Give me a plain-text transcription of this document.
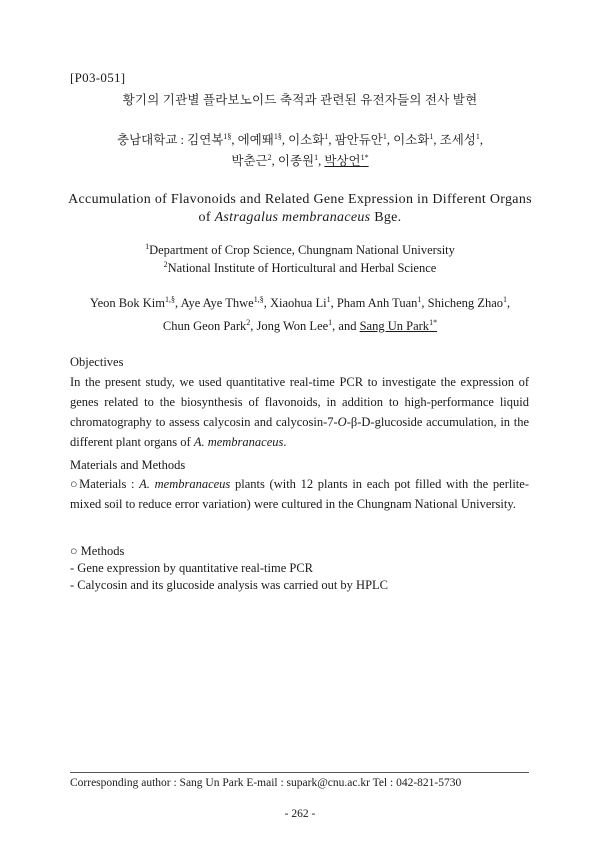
[P03-051]
황기의 기관별 플라보노이드 축적과 관련된 유전자들의 전사 발현
충남대학교 : 김연복$^{1\S}$, 에예뙈$^{1\S}$, 이소화$^1$, 팜안듀안$^1$, 이소화$^1$, 조세성$^1$,
박춘근$^2$, 이종원$^1$, 박상언$^{1*}$
Accumulation of Flavonoids and Related Gene Expression in Different Organs
of Astragalus membranaceus Bge.
$^1$Department of Crop Science, Chungnam National University
$^2$National Institute of Horticultural and Herbal Science
Yeon Bok Kim$^{1,\S}$, Aye Aye Thwe$^{1,\S}$, Xiaohua Li$^1$, Pham Anh Tuan$^1$, Shicheng Zhao$^1$,
Chun Geon Park$^2$, Jong Won Lee$^1$, and Sang Un Park$^{1*}$
Objectives
In the present study, we used quantitative real-time PCR to investigate the expression of genes related to the biosynthesis of flavonoids, in addition to high-performance liquid chromatography to assess calycosin and calycosin-7-O-β-D-glucoside accumulation, in the different plant organs of A. membranaceus.
Materials and Methods
○Materials : A. membranaceus plants (with 12 plants in each pot filled with the perlite-mixed soil to reduce error variation) were cultured in the Chungnam National University.
○ Methods
- Gene expression by quantitative real-time PCR
- Calycosin and its glucoside analysis was carried out by HPLC
Corresponding author : Sang Un Park E-mail : supark@cnu.ac.kr Tel : 042-821-5730
- 262 -
